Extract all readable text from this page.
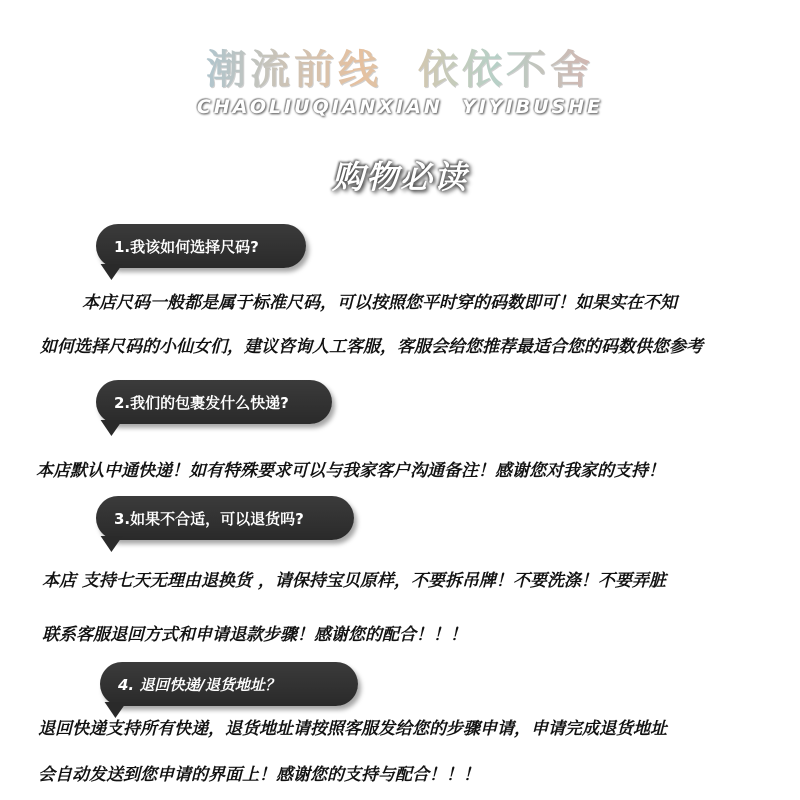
潮流前线  依依不舍
CHAOLIUQIANXIAN  YIYIBUSHE
购物必读
1.我该如何选择尺码?
本店尺码一般都是属于标准尺码，可以按照您平时穿的码数即可！如果实在不知
如何选择尺码的小仙女们，建议咨询人工客服，客服会给您推荐最适合您的码数供您参考
2.我们的包裹发什么快递?
本店默认中通快递！如有特殊要求可以与我家客户沟通备注！感谢您对我家的支持！
3.如果不合适，可以退货吗?
本店 支持七天无理由退换货 ，请保持宝贝原样，不要拆吊牌！不要洗涤！不要弄脏
联系客服退回方式和申请退款步骤！感谢您的配合！！！
4. 退回快递/退货地址？
退回快递支持所有快递，退货地址请按照客服发给您的步骤申请，申请完成退货地址
会自动发送到您申请的界面上！感谢您的支持与配合！！！
